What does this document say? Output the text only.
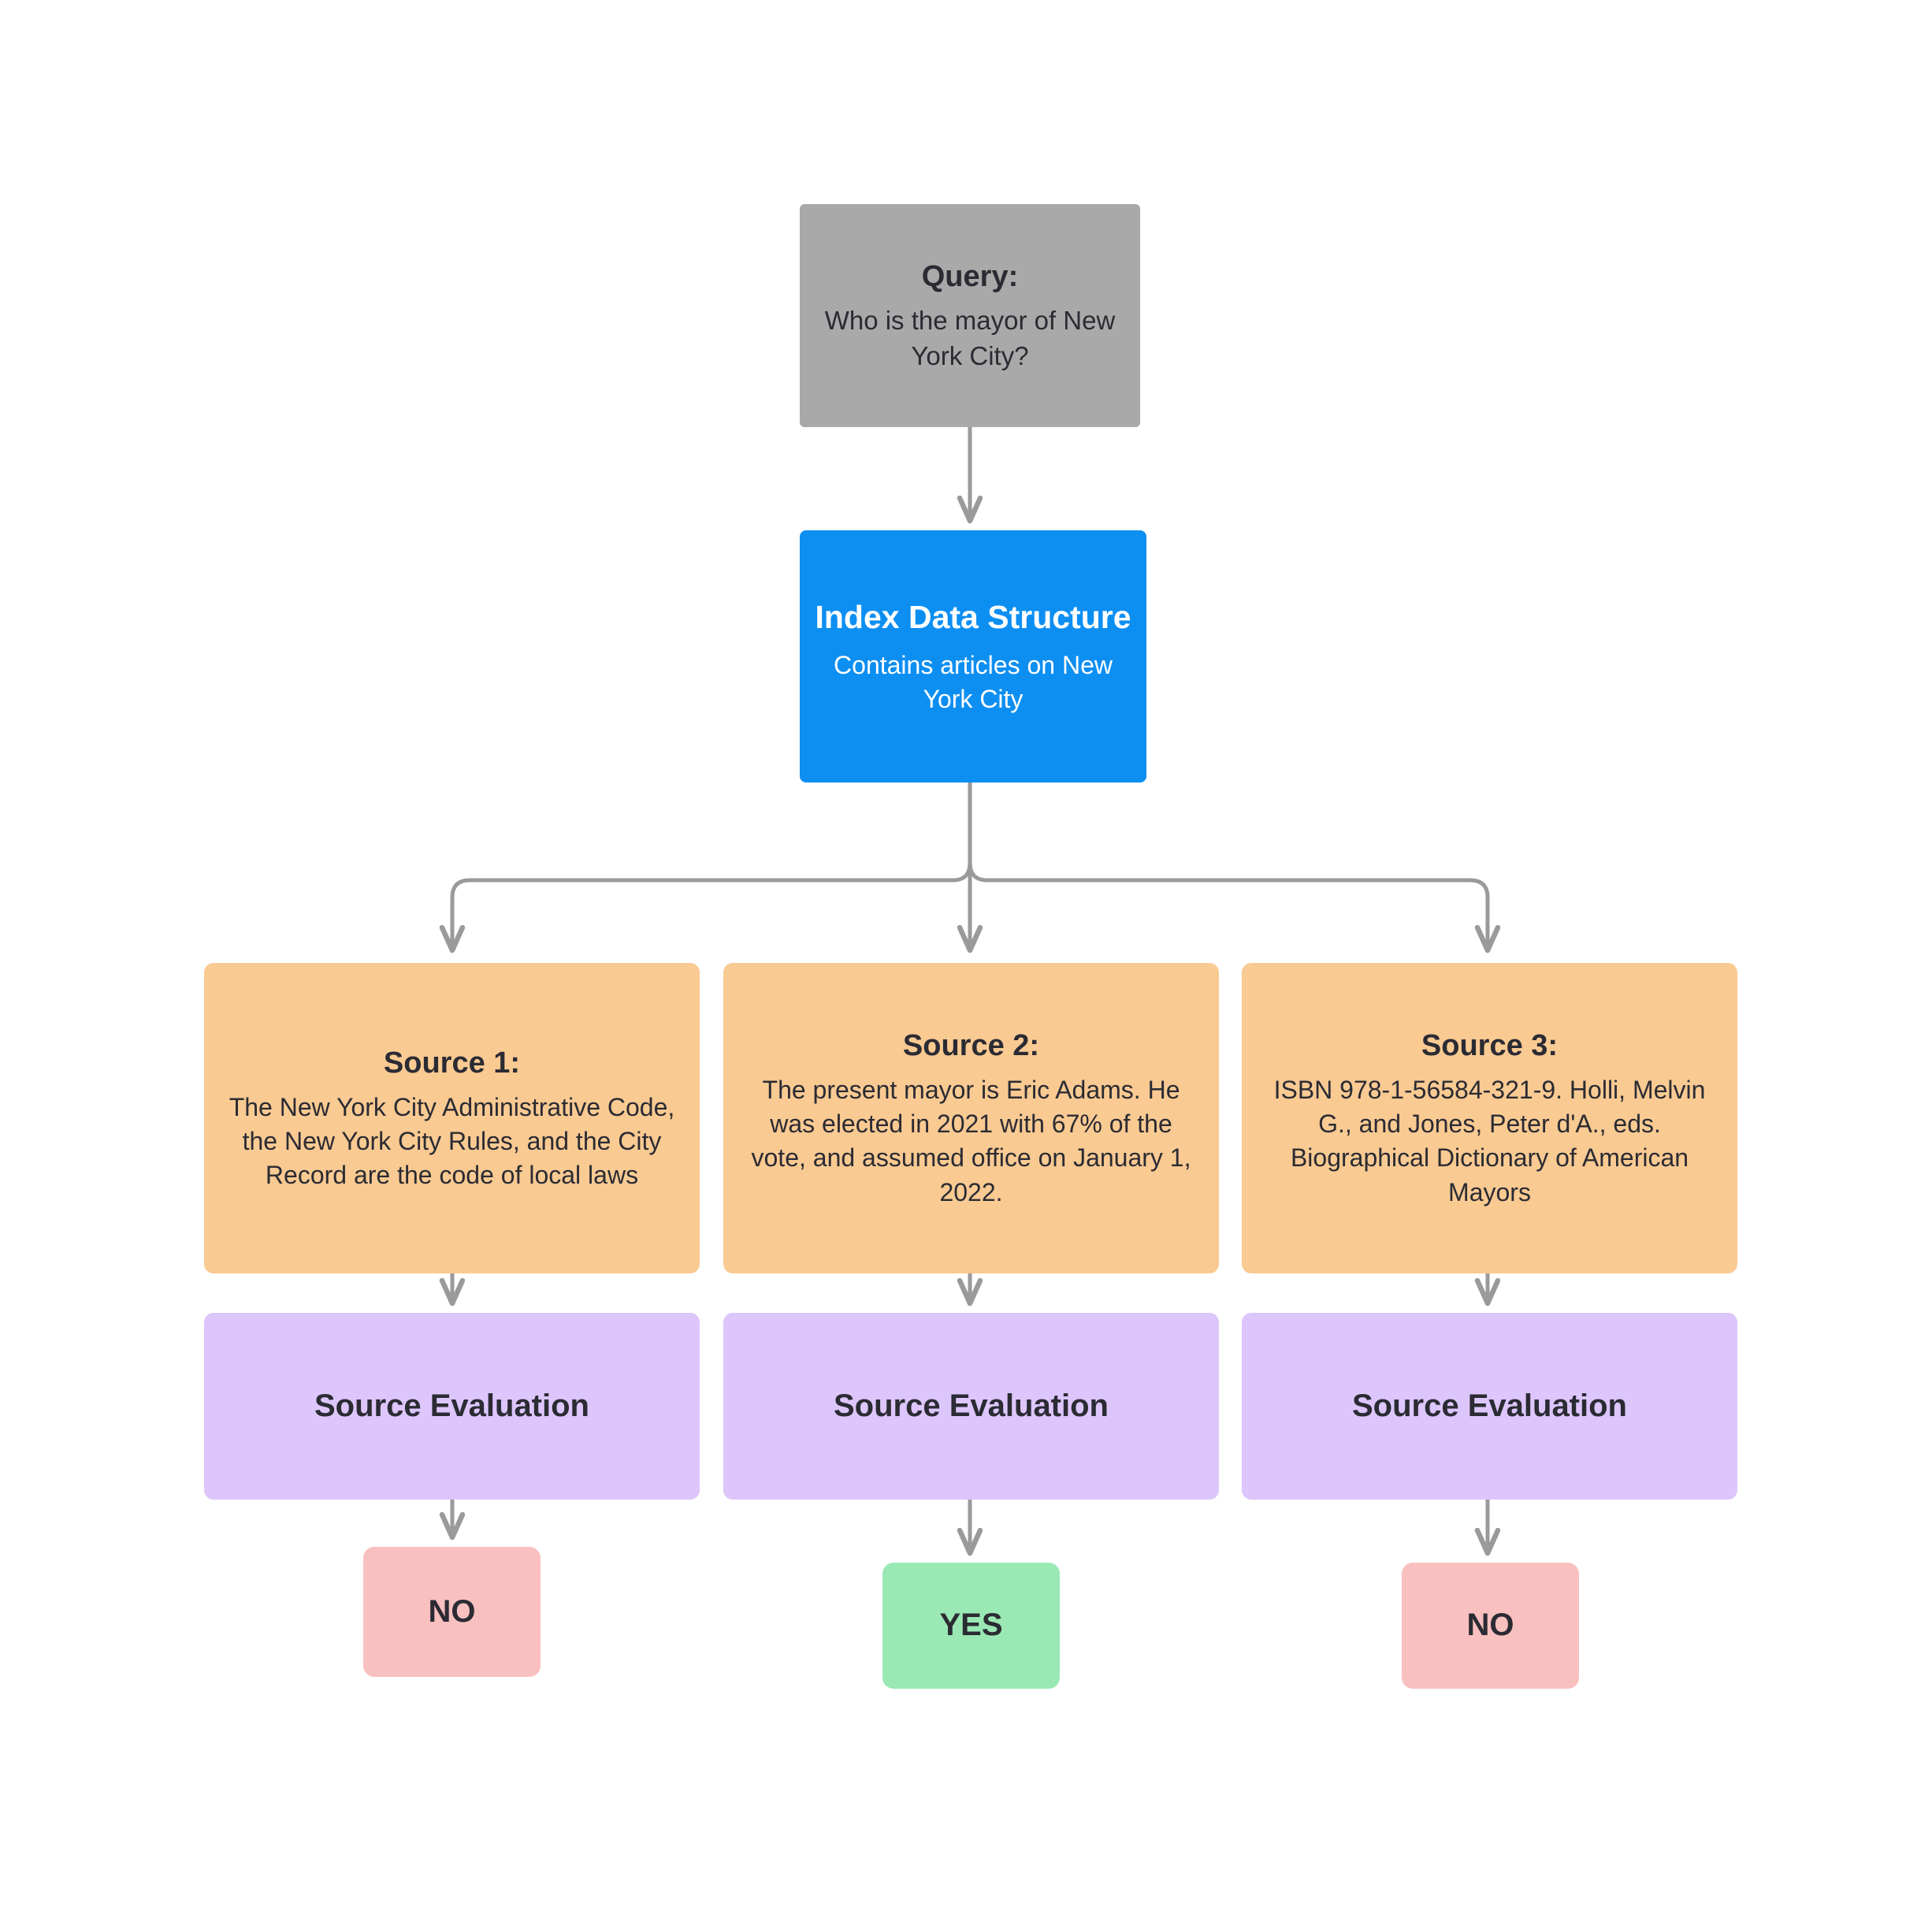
Query:
Who is the mayor of New York City?
Index Data Structure
Contains articles on New York City
Source 1:
The New York City Administrative Code, the New York City Rules, and the City Record are the code of local laws
Source 2:
The present mayor is Eric Adams. He was elected in 2021 with 67% of the vote, and assumed office on January 1, 2022.
Source 3:
ISBN 978-1-56584-321-9. Holli, Melvin G., and Jones, Peter d'A., eds. Biographical Dictionary of American Mayors
Source Evaluation	Source Evaluation	Source Evaluation
NO	YES	NO
